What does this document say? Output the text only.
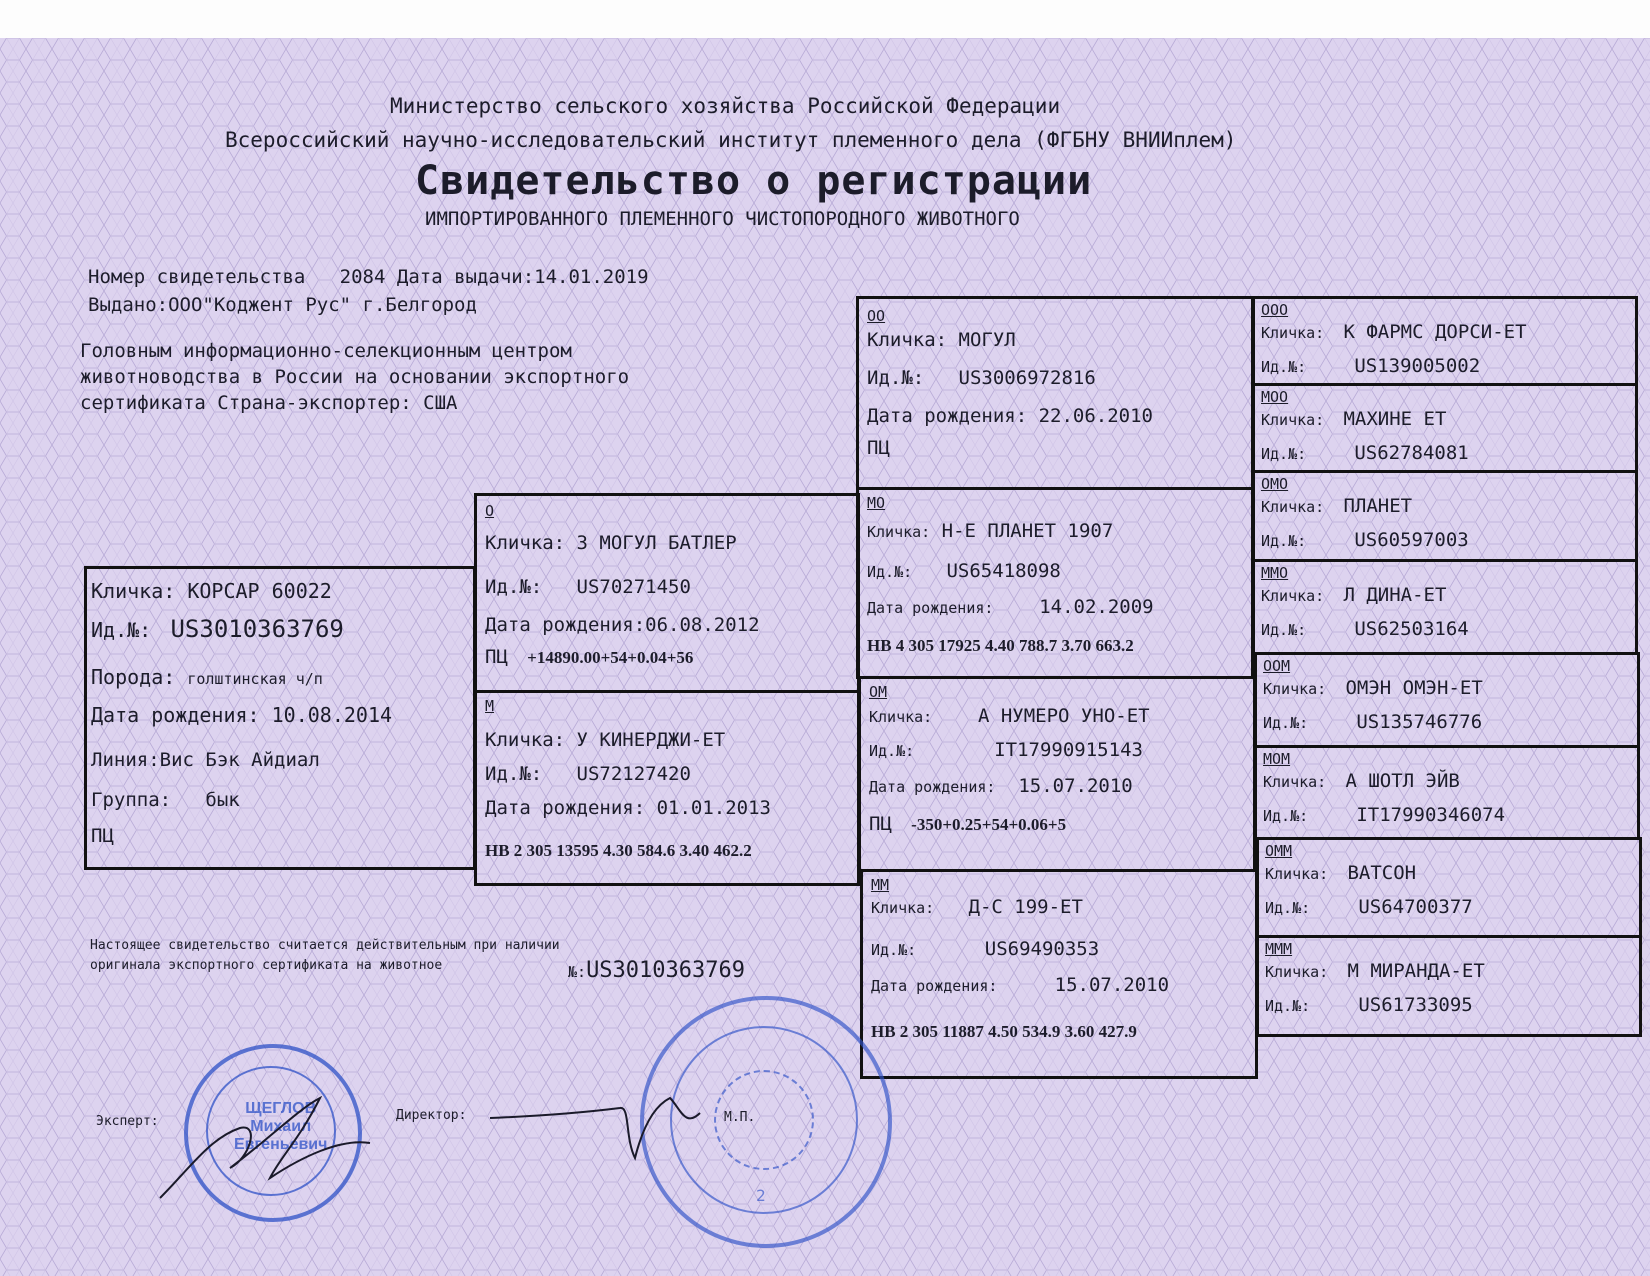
Министерство сельского хозяйства Российской Федерации
Всероссийский научно-исследовательский институт племенного дела (ФГБНУ ВНИИплем)
Свидетельство о регистрации
ИМПОРТИРОВАННОГО ПЛЕМЕННОГО ЧИСТОПОРОДНОГО ЖИВОТНОГО
Номер свидетельства 2084 Дата выдачи:14.01.2019
Выдано:ООО"Коджент Рус" г.Белгород
Головным информационно-селекционным центром
животноводства в России на основании экспортного
сертификата Страна-экспортер: США
Кличка: КОРСАР 60022
Ид.№: US3010363769
Порода: голштинская ч/п
Дата рождения: 10.08.2014
Линия:Вис Бэк Айдиал
Группа: бык
ПЦ
О
Кличка: З МОГУЛ БАТЛЕР
Ид.№: US70271450
Дата рождения:06.08.2012
ПЦ +14890.00+54+0.04+56
М
Кличка: У КИНЕРДЖИ-ЕТ
Ид.№: US72127420
Дата рождения: 01.01.2013
НВ 2 305 13595 4.30 584.6 3.40 462.2
ОО
Кличка: МОГУЛ
Ид.№: US3006972816
Дата рождения: 22.06.2010
ПЦ
МО
Кличка: Н-Е ПЛАНЕТ 1907
Ид.№: US65418098
Дата рождения: 14.02.2009
НВ 4 305 17925 4.40 788.7 3.70 663.2
ОМ
Кличка: А НУМЕРО УНО-ЕТ
Ид.№:	IT17990915143
Дата рождения: 15.07.2010
ПЦ -350+0.25+54+0.06+5
ММ
Кличка: Д-С 199-ЕТ
Ид.№:	US69490353
Дата рождения:	15.07.2010
НВ 2 305 11887 4.50 534.9 3.60 427.9
ООО
Кличка: К ФАРМС ДОРСИ-ЕТ
Ид.№:	US139005002
МОО
Кличка: МАХИНЕ ЕТ
Ид.№:	US62784081
ОМО
Кличка: ПЛАНЕТ
Ид.№:	US60597003
ММО
Кличка: Л ДИНА-ЕТ
Ид.№:	US62503164
ООМ
Кличка: ОМЭН ОМЭН-ЕТ
Ид.№:	US135746776
МОМ
Кличка: А ШОТЛ ЭЙВ
Ид.№:	IT17990346074
ОММ
Кличка: ВАТСОН
Ид.№:	US64700377
МММ
Кличка: М МИРАНДА-ЕТ
Ид.№:	US61733095
Настоящее свидетельство считается действительным при наличии
оригинала экспортного сертификата на животное	№:US3010363769
ЩЕГЛОВ
Михаил
Евгеньевич
2
Эксперт:	Директор:	М.П.
